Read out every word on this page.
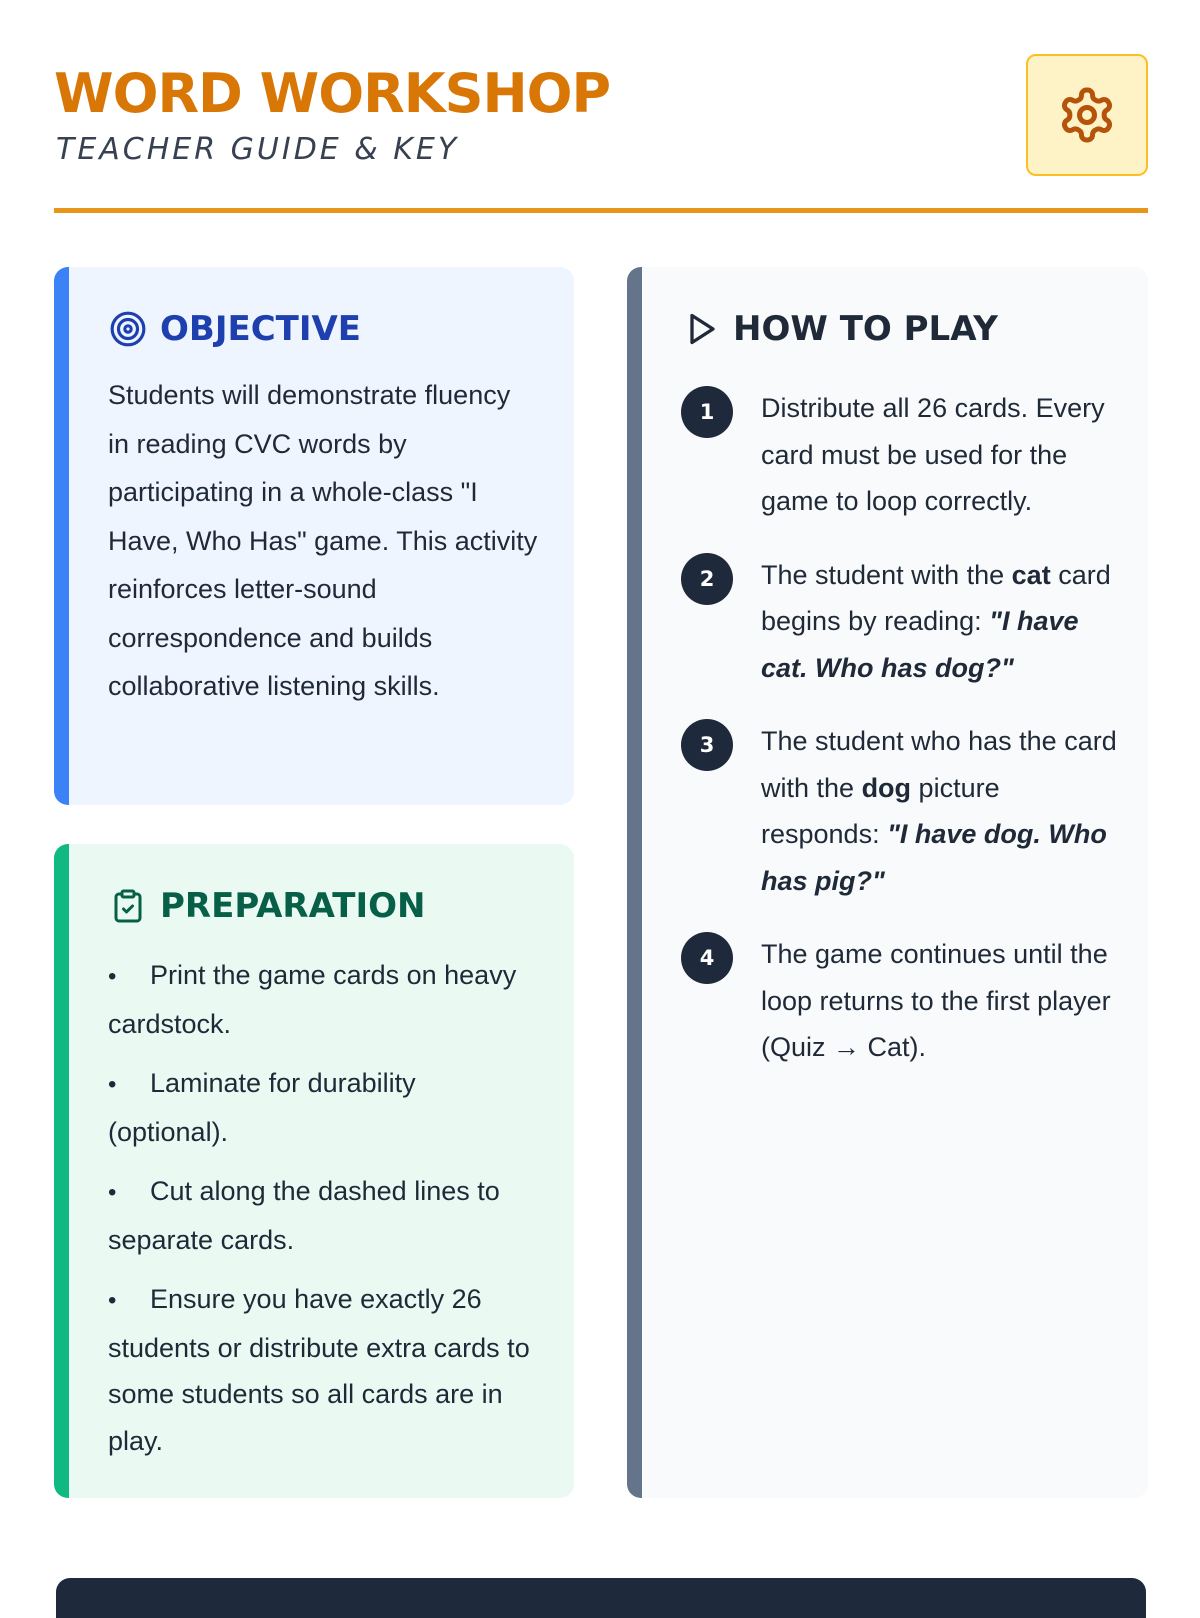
WORD WORKSHOP
TEACHER GUIDE & KEY
OBJECTIVE

Students will demonstrate fluency in reading CVC words by participating in a whole-class "I Have, Who Has" game. This activity reinforces letter-sound correspondence and builds collaborative listening skills.

PREPARATION
• Print the game cards on heavy cardstock.
• Laminate for durability (optional).
• Cut along the dashed lines to separate cards.
• Ensure you have exactly 26 students or distribute extra cards to some students so all cards are in play.
HOW TO PLAY
1	Distribute all 26 cards. Every card must be used for the game to loop correctly.

2	The student with the cat card begins by reading: "I have cat. Who has dog?"

3	The student who has the card with the dog picture responds: "I have dog. Who has pig?"

4	The game continues until the loop returns to the first player (Quiz → Cat).
